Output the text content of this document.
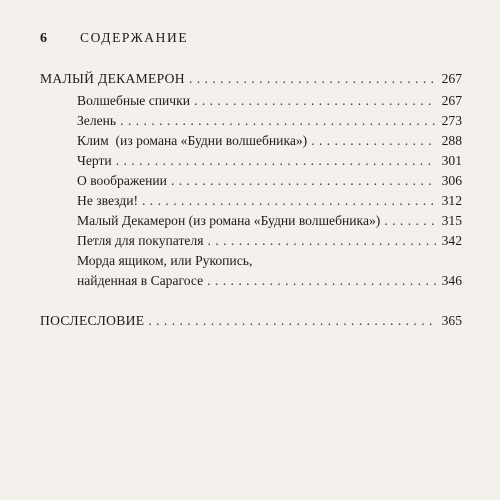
6	СОДЕРЖАНИЕ
МАЛЫЙ ДЕКАМЕРОН . . .	267
Волшебные спички . . .	267
Зелень . . .	273
Клим  (из романа «Будни волшебника») . . .	288
Черти . . .	301
О воображении . . .	306
Не звезди! . . .	312
Малый Декамерон (из романа «Будни волшебника») . . .	315
Петля для покупателя . . .	342
Морда ящиком, или Рукопись,
найденная в Сарагосе . . .	346
ПОСЛЕСЛОВИЕ . . .	365
